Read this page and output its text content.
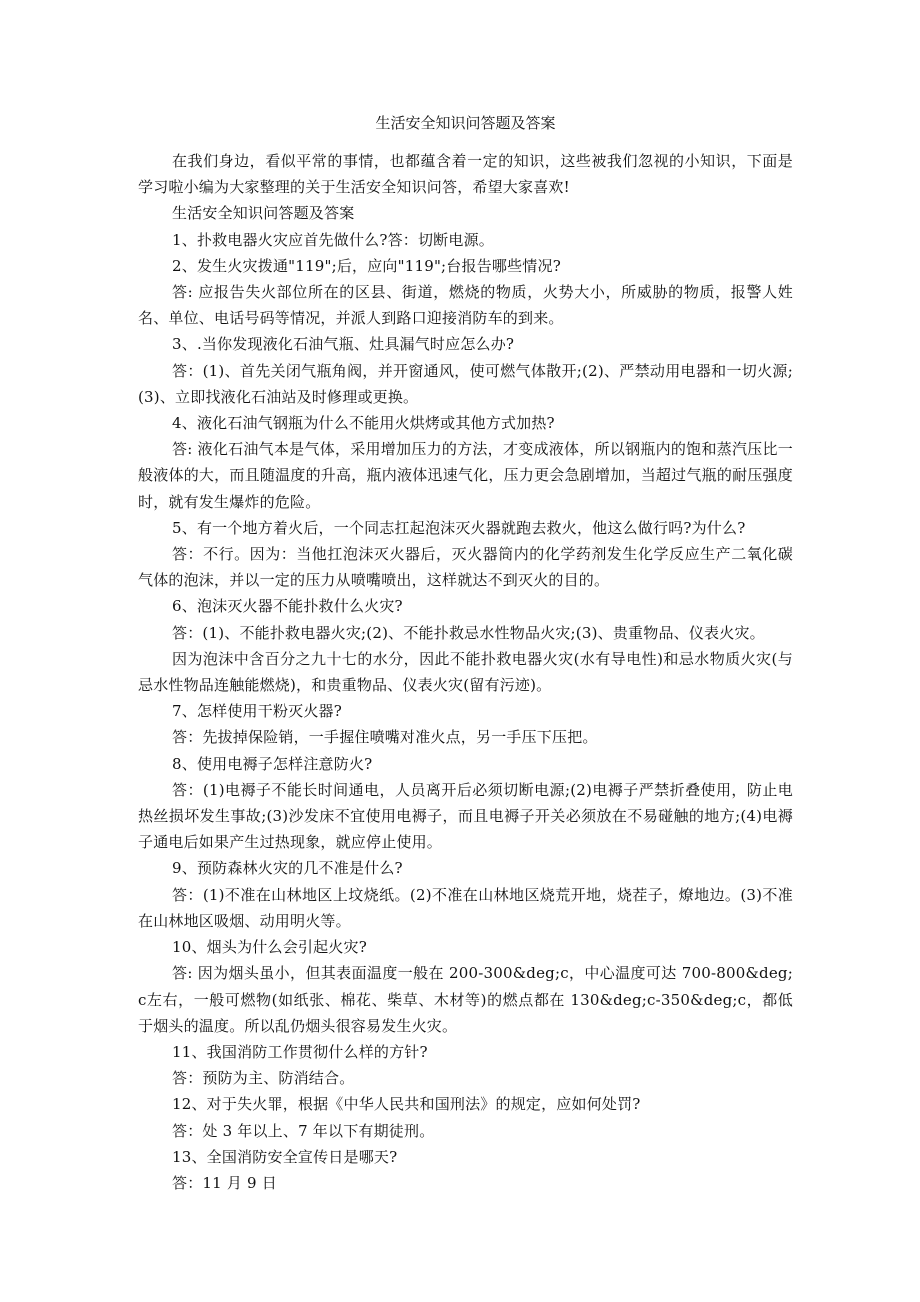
生活安全知识问答题及答案

在我们身边，看似平常的事情，也都蕴含着一定的知识，这些被我们忽视的小知识，下面是学习啦小编为大家整理的关于生活安全知识问答，希望大家喜欢!

生活安全知识问答题及答案

1、扑救电器火灾应首先做什么?答：切断电源。

2、发生火灾拨通"119";后，应向"119";台报告哪些情况?

答: 应报告失火部位所在的区县、街道，燃烧的物质，火势大小，所威胁的物质，报警人姓名、单位、电话号码等情况，并派人到路口迎接消防车的到来。

3、.当你发现液化石油气瓶、灶具漏气时应怎么办?

答：(1)、首先关闭气瓶角阀，并开窗通风，使可燃气体散开;(2)、严禁动用电器和一切火源;(3)、立即找液化石油站及时修理或更换。

4、液化石油气钢瓶为什么不能用火烘烤或其他方式加热?

答: 液化石油气本是气体，采用增加压力的方法，才变成液体，所以钢瓶内的饱和蒸汽压比一般液体的大，而且随温度的升高，瓶内液体迅速气化，压力更会急剧增加，当超过气瓶的耐压强度时，就有发生爆炸的危险。

5、有一个地方着火后，一个同志扛起泡沫灭火器就跑去救火，他这么做行吗?为什么?

答：不行。因为：当他扛泡沫灭火器后，灭火器筒内的化学药剂发生化学反应生产二氧化碳气体的泡沫，并以一定的压力从喷嘴喷出，这样就达不到灭火的目的。

6、泡沫灭火器不能扑救什么火灾?

答：(1)、不能扑救电器火灾;(2)、不能扑救忌水性物品火灾;(3)、贵重物品、仪表火灾。

因为泡沫中含百分之九十七的水分，因此不能扑救电器火灾(水有导电性)和忌水物质火灾(与忌水性物品连触能燃烧)，和贵重物品、仪表火灾(留有污迹)。

7、怎样使用干粉灭火器?

答：先拔掉保险销，一手握住喷嘴对准火点，另一手压下压把。

8、使用电褥子怎样注意防火?

答：(1)电褥子不能长时间通电，人员离开后必须切断电源;(2)电褥子严禁折叠使用，防止电热丝损坏发生事故;(3)沙发床不宜使用电褥子，而且电褥子开关必须放在不易碰触的地方;(4)电褥子通电后如果产生过热现象，就应停止使用。

9、预防森林火灾的几不准是什么?

答：(1)不准在山林地区上坟烧纸。(2)不准在山林地区烧荒开地，烧茬子，燎地边。(3)不准在山林地区吸烟、动用明火等。

10、烟头为什么会引起火灾?

答: 因为烟头虽小，但其表面温度一般在 200-300&deg;c，中心温度可达 700-800&deg;c左右，一般可燃物(如纸张、棉花、柴草、木材等)的燃点都在 130&deg;c-350&deg;c，都低于烟头的温度。所以乱仍烟头很容易发生火灾。

11、我国消防工作贯彻什么样的方针?

答：预防为主、防消结合。

12、对于失火罪，根据《中华人民共和国刑法》的规定，应如何处罚?

答：处 3 年以上、7 年以下有期徒刑。

13、全国消防安全宣传日是哪天?

答：11 月 9 日
